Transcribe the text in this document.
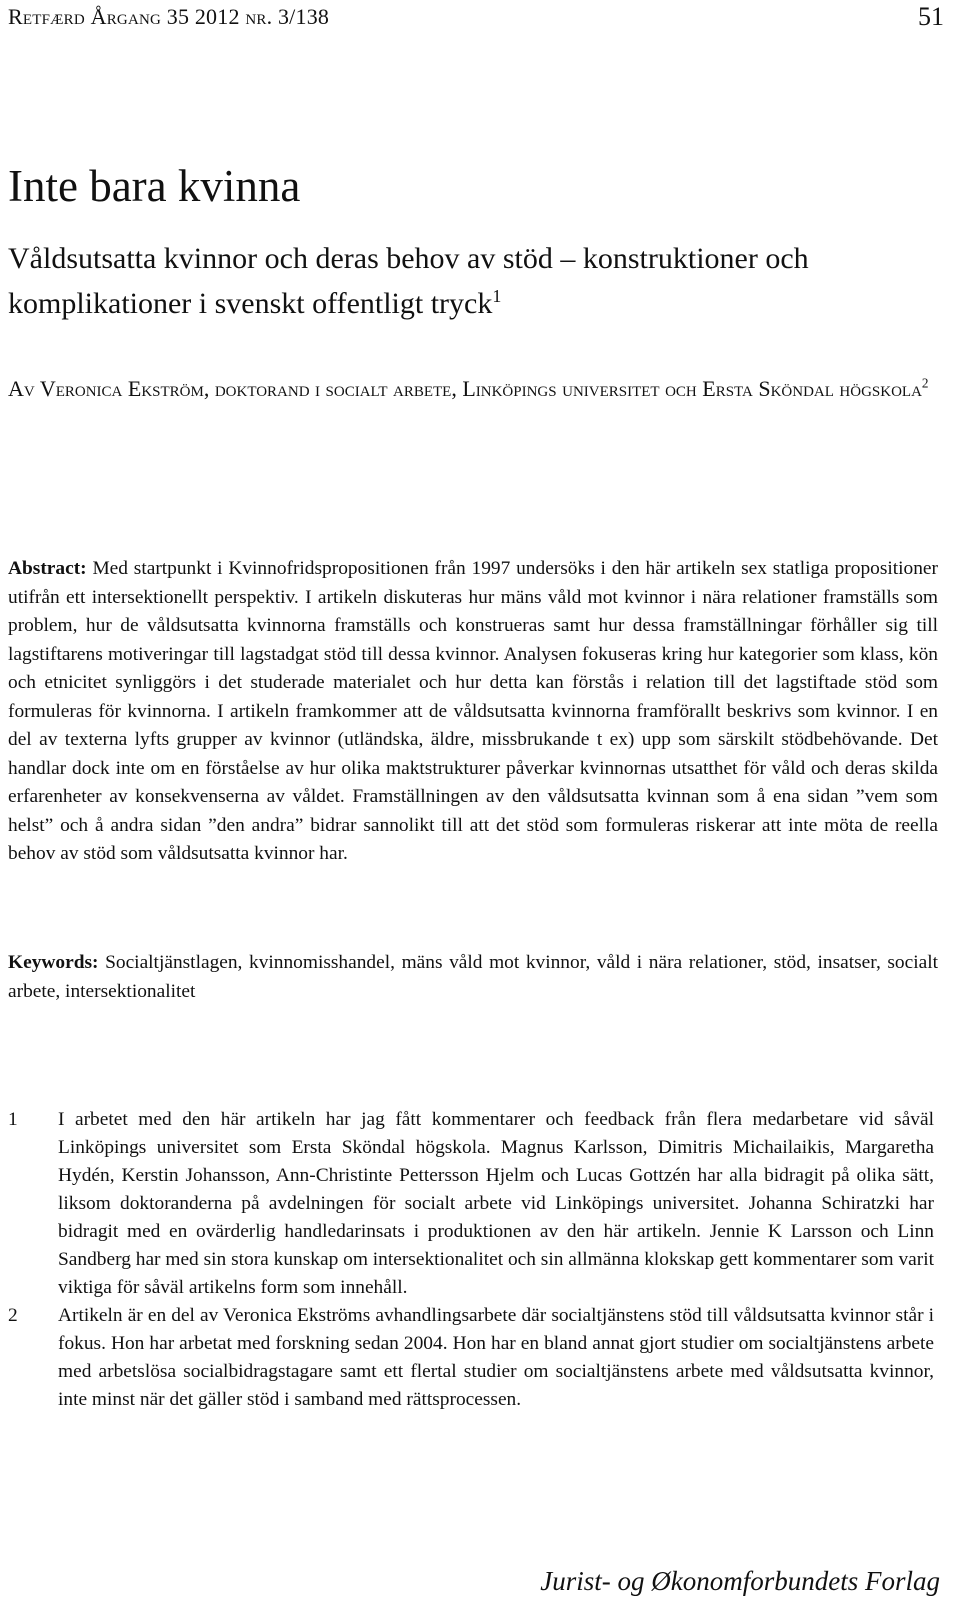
Retfærd Årgang 35 2012 nr. 3/138	51
Inte bara kvinna
Våldsutsatta kvinnor och deras behov av stöd – konstruktioner och komplikationer i svenskt offentligt tryck$^1$
Av Veronica Ekström, doktorand i socialt arbete, Linköpings universitet och Ersta Sköndal högskola$^2$

Abstract: Med startpunkt i Kvinnofridspropositionen från 1997 undersöks i den här artikeln sex statliga propositioner utifrån ett intersektionellt perspektiv. I artikeln diskuteras hur mäns våld mot kvinnor i nära relationer framställs som problem, hur de våldsutsatta kvinnorna framställs och konstrueras samt hur dessa framställningar förhåller sig till lagstiftarens motiveringar till lagstadgat stöd till dessa kvinnor. Analysen fokuseras kring hur kategorier som klass, kön och etnicitet synliggörs i det studerade materialet och hur detta kan förstås i relation till det lagstiftade stöd som formuleras för kvinnorna. I artikeln framkommer att de våldsutsatta kvinnorna framförallt beskrivs som kvinnor. I en del av texterna lyfts grupper av kvinnor (utländska, äldre, missbrukande t ex) upp som särskilt stödbehövande. Det handlar dock inte om en förståelse av hur olika maktstrukturer påverkar kvinnornas utsatthet för våld och deras skilda erfarenheter av konsekvenserna av våldet. Framställningen av den våldsutsatta kvinnan som å ena sidan ”vem som helst” och å andra sidan ”den andra” bidrar sannolikt till att det stöd som formuleras riskerar att inte möta de reella behov av stöd som våldsutsatta kvinnor har.

Keywords: Socialtjänstlagen, kvinnomisshandel, mäns våld mot kvinnor, våld i nära relationer, stöd, insatser, socialt arbete, intersektionalitet

1 I arbetet med den här artikeln har jag fått kommentarer och feedback från flera medarbetare vid såväl Linköpings universitet som Ersta Sköndal högskola. Magnus Karlsson, Dimitris Michailaikis, Margaretha Hydén, Kerstin Johansson, Ann-Christinte Pettersson Hjelm och Lucas Gottzén har alla bidragit på olika sätt, liksom doktoranderna på avdelningen för socialt arbete vid Linköpings universitet. Johanna Schiratzki har bidragit med en ovärderlig handledarinsats i produktionen av den här artikeln. Jennie K Larsson och Linn Sandberg har med sin stora kunskap om intersektionalitet och sin allmänna klokskap gett kommentarer som varit viktiga för såväl artikelns form som innehåll.

2 Artikeln är en del av Veronica Ekströms avhandlingsarbete där socialtjänstens stöd till våldsutsatta kvinnor står i fokus. Hon har arbetat med forskning sedan 2004. Hon har en bland annat gjort studier om socialtjänstens arbete med arbetslösa socialbidragstagare samt ett flertal studier om socialtjänstens arbete med våldsutsatta kvinnor, inte minst när det gäller stöd i samband med rättsprocessen.

Jurist- og Økonomforbundets Forlag
